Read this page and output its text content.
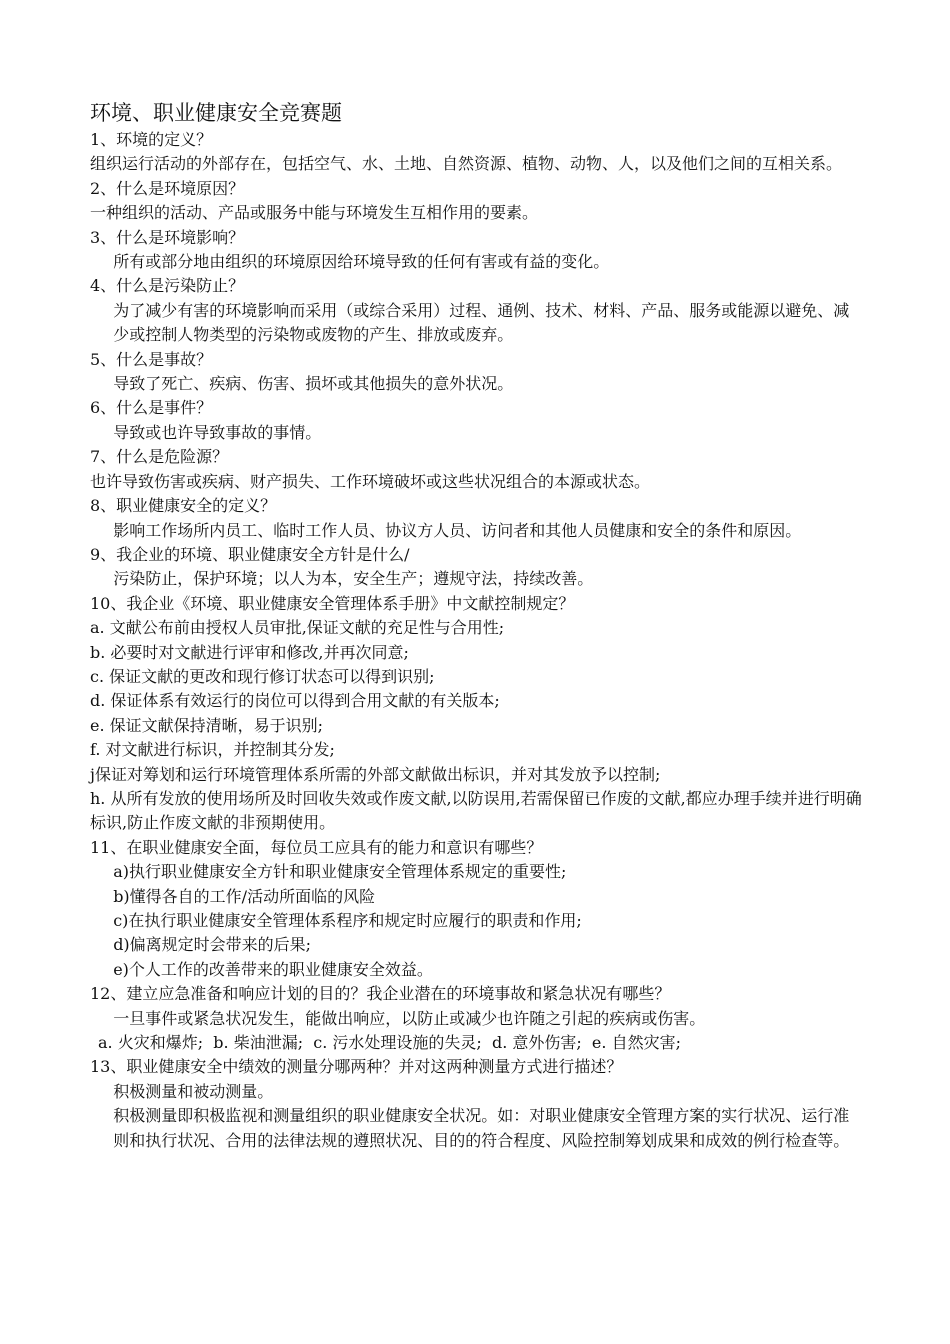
环境、职业健康安全竞赛题

1、环境的定义？

组织运行活动的外部存在，包括空气、水、土地、自然资源、植物、动物、人，以及他们之间的互相关系。

2、什么是环境原因？

一种组织的活动、产品或服务中能与环境发生互相作用的要素。

3、什么是环境影响？

所有或部分地由组织的环境原因给环境导致的任何有害或有益的变化。

4、什么是污染防止？

为了减少有害的环境影响而采用（或综合采用）过程、通例、技术、材料、产品、服务或能源以避免、减少或控制人物类型的污染物或废物的产生、排放或废弃。

5、什么是事故？

导致了死亡、疾病、伤害、损坏或其他损失的意外状况。

6、什么是事件？

导致或也许导致事故的事情。

7、什么是危险源？

也许导致伤害或疾病、财产损失、工作环境破坏或这些状况组合的本源或状态。

8、职业健康安全的定义？

影响工作场所内员工、临时工作人员、协议方人员、访问者和其他人员健康和安全的条件和原因。

9、我企业的环境、职业健康安全方针是什么/

污染防止，保护环境；以人为本，安全生产；遵规守法，持续改善。

10、我企业《环境、职业健康安全管理体系手册》中文献控制规定？

a. 文献公布前由授权人员审批,保证文献的充足性与合用性;

b. 必要时对文献进行评审和修改,并再次同意;

c. 保证文献的更改和现行修订状态可以得到识别;

d. 保证体系有效运行的岗位可以得到合用文献的有关版本;

e. 保证文献保持清晰，易于识别;

f. 对文献进行标识，并控制其分发;

j保证对筹划和运行环境管理体系所需的外部文献做出标识，并对其发放予以控制;

h. 从所有发放的使用场所及时回收失效或作废文献,以防误用,若需保留已作废的文献,都应办理手续并进行明确标识,防止作废文献的非预期使用。

11、在职业健康安全面，每位员工应具有的能力和意识有哪些？

a)执行职业健康安全方针和职业健康安全管理体系规定的重要性;

b)懂得各自的工作/活动所面临的风险

c)在执行职业健康安全管理体系程序和规定时应履行的职责和作用;

d)偏离规定时会带来的后果;

e)个人工作的改善带来的职业健康安全效益。

12、建立应急准备和响应计划的目的？我企业潜在的环境事故和紧急状况有哪些？

一旦事件或紧急状况发生，能做出响应，以防止或减少也许随之引起的疾病或伤害。

a. 火灾和爆炸;  b. 柴油泄漏;  c. 污水处理设施的失灵;  d. 意外伤害;  e. 自然灾害;

13、职业健康安全中绩效的测量分哪两种？并对这两种测量方式进行描述？

积极测量和被动测量。

积极测量即积极监视和测量组织的职业健康安全状况。如：对职业健康安全管理方案的实行状况、运行准则和执行状况、合用的法律法规的遵照状况、目的的符合程度、风险控制筹划成果和成效的例行检查等。
